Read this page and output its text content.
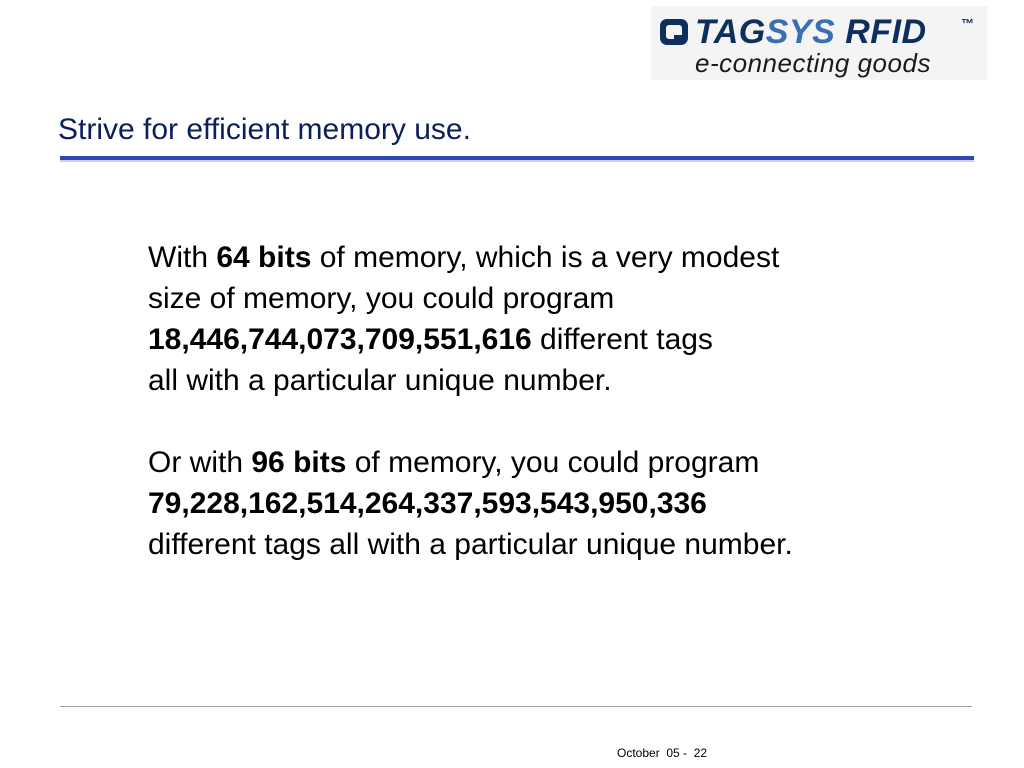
TAGSYS RFID	™
e-connecting goods
Strive for efficient memory use.
With 64 bits of memory, which is a very modest
size of memory, you could program
18,446,744,073,709,551,616 different tags
all with a particular unique number.
Or with 96 bits of memory, you could program
79,228,162,514,264,337,593,543,950,336
different tags all with a particular unique number.
October  05 -  22
